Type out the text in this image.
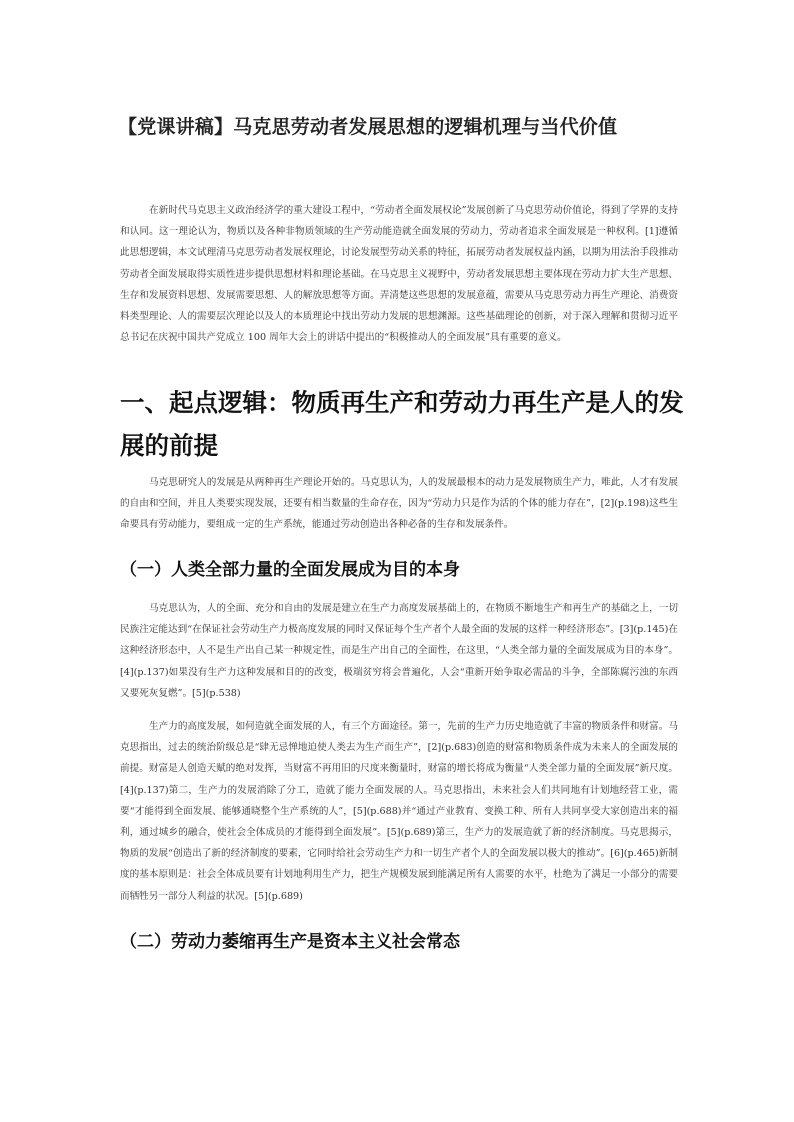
【党课讲稿】马克思劳动者发展思想的逻辑机理与当代价值

在新时代马克思主义政治经济学的重大建设工程中，“劳动者全面发展权论”发展创新了马克思劳动价值论，得到了学界的支持和认同。这一理论认为，物质以及各种非物质领域的生产劳动能造就全面发展的劳动力，劳动者追求全面发展是一种权利。[1]遵循此思想逻辑，本文试理清马克思劳动者发展权理论，讨论发展型劳动关系的特征，拓展劳动者发展权益内涵，以期为用法治手段推动劳动者全面发展取得实质性进步提供思想材料和理论基础。在马克思主义视野中，劳动者发展思想主要体现在劳动力扩大生产思想、生存和发展资料思想、发展需要思想、人的解放思想等方面。弄清楚这些思想的发展意蕴，需要从马克思劳动力再生产理论、消费资料类型理论、人的需要层次理论以及人的本质理论中找出劳动力发展的思想渊源。这些基础理论的创新，对于深入理解和贯彻习近平总书记在庆祝中国共产党成立 100 周年大会上的讲话中提出的“积极推动人的全面发展”具有重要的意义。

一、起点逻辑：物质再生产和劳动力再生产是人的发展的前提

马克思研究人的发展是从两种再生产理论开始的。马克思认为，人的发展最根本的动力是发展物质生产力，唯此，人才有发展的自由和空间，并且人类要实现发展，还要有相当数量的生命存在，因为“劳动力只是作为活的个体的能力存在”，[2](p.198)这些生命要具有劳动能力，要组成一定的生产系统，能通过劳动创造出各种必备的生存和发展条件。

（一）人类全部力量的全面发展成为目的本身

马克思认为，人的全面、充分和自由的发展是建立在生产力高度发展基础上的，在物质不断地生产和再生产的基础之上，一切民族注定能达到“在保证社会劳动生产力极高度发展的同时又保证每个生产者个人最全面的发展的这样一种经济形态”。[3](p.145)在这种经济形态中，人不是生产出自己某一种规定性，而是生产出自己的全面性，在这里，“人类全部力量的全面发展成为目的本身”。[4](p.137)如果没有生产力这种发展和目的的改变，极端贫穷将会普遍化，人会“重新开始争取必需品的斗争，全部陈腐污浊的东西又要死灰复燃”。[5](p.538)

生产力的高度发展，如何造就全面发展的人，有三个方面途径。第一，先前的生产力历史地造就了丰富的物质条件和财富。马克思指出，过去的统治阶级总是“肆无忌惮地迫使人类去为生产而生产”，[2](p.683)创造的财富和物质条件成为未来人的全面发展的前提。财富是人创造天赋的绝对发挥，当财富不再用旧的尺度来衡量时，财富的增长将成为衡量“人类全部力量的全面发展”新尺度。[4](p.137)第二，生产力的发展消除了分工，造就了能力全面发展的人。马克思指出，未来社会人们共同地有计划地经营工业，需要“才能得到全面发展、能够通晓整个生产系统的人”，[5](p.688)并“通过产业教育、变换工种、所有人共同享受大家创造出来的福利，通过城乡的融合，使社会全体成员的才能得到全面发展”。[5](p.689)第三，生产力的发展造就了新的经济制度。马克思揭示，物质的发展“创造出了新的经济制度的要素，它同时给社会劳动生产力和一切生产者个人的全面发展以极大的推动”。[6](p.465)新制度的基本原则是：社会全体成员要有计划地利用生产力，把生产规模发展到能满足所有人需要的水平，杜绝为了满足一小部分的需要而牺牲另一部分人利益的状况。[5](p.689)

（二）劳动力萎缩再生产是资本主义社会常态
